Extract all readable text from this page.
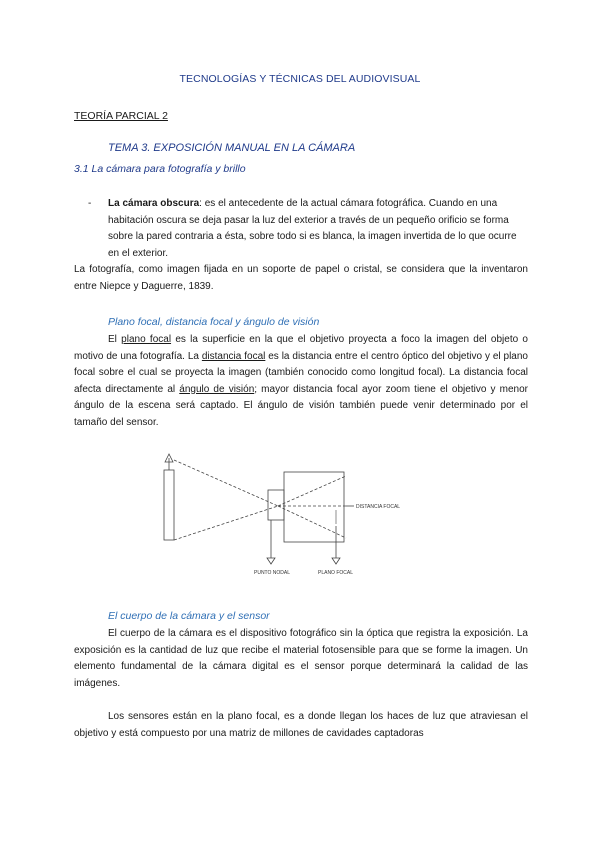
TECNOLOGÍAS Y TÉCNICAS DEL AUDIOVISUAL
TEORÍA PARCIAL 2
TEMA 3. EXPOSICIÓN MANUAL EN LA CÁMARA
3.1 La cámara para fotografía y brillo
- La cámara obscura: es el antecedente de la actual cámara fotográfica. Cuando en una habitación oscura se deja pasar la luz del exterior a través de un pequeño orificio se forma sobre la pared contraria a ésta, sobre todo si es blanca, la imagen invertida de lo que ocurre en el exterior.
La fotografía, como imagen fijada en un soporte de papel o cristal, se considera que la inventaron entre Niepce y Daguerre, 1839.
Plano focal, distancia focal y ángulo de visión
El plano focal es la superficie en la que el objetivo proyecta a foco la imagen del objeto o motivo de una fotografía. La distancia focal es la distancia entre el centro óptico del objetivo y el plano focal sobre el cual se proyecta la imagen (también conocido como longitud focal). La distancia focal afecta directamente al ángulo de visión; mayor distancia focal ayor zoom tiene el objetivo y menor ángulo de la escena será captado. El ángulo de visión también puede venir determinado por el tamaño del sensor.
DISTANCIA FOCAL
PUNTO NODAL	PLANO FOCAL
El cuerpo de la cámara y el sensor
El cuerpo de la cámara es el dispositivo fotográfico sin la óptica que registra la exposición. La exposición es la cantidad de luz que recibe el material fotosensible para que se forme la imagen. Un elemento fundamental de la cámara digital es el sensor porque determinará la calidad de las imágenes.
Los sensores están en la plano focal, es a donde llegan los haces de luz que atraviesan el objetivo y está compuesto por una matriz de millones de cavidades captadoras
